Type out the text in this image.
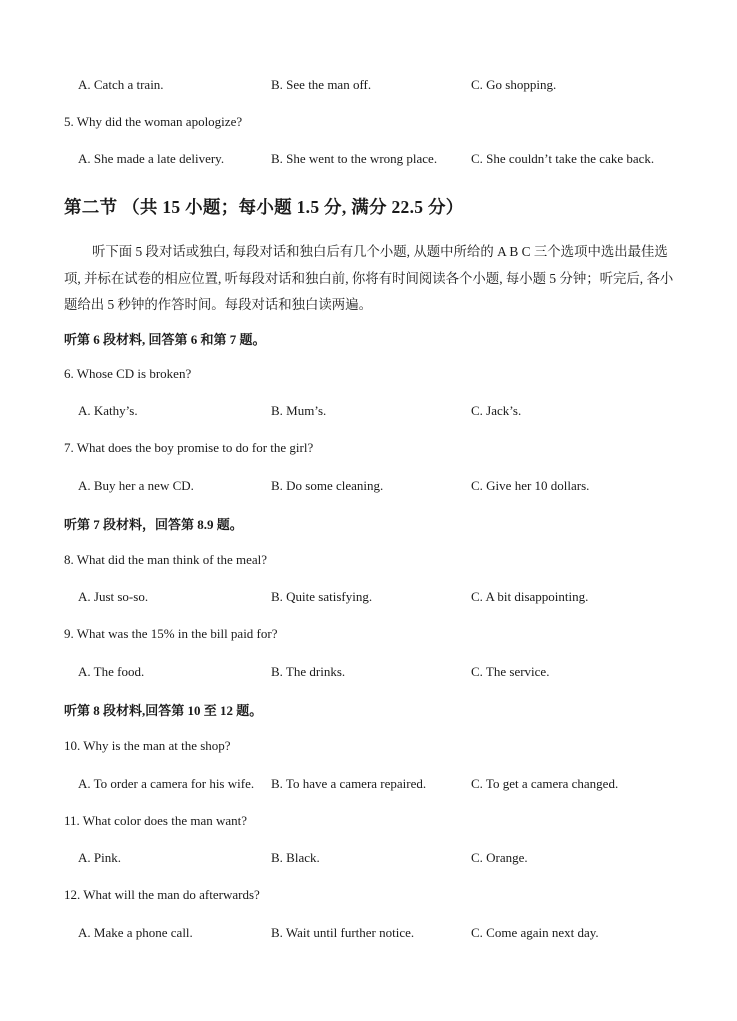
A. Catch a train.	B. See the man off.	C. Go shopping.
5. Why did the woman apologize?
A. She made a late delivery.	B. She went to the wrong place.	C. She couldn’t take the cake back.
第二节 （共 15 小题；每小题 1.5 分, 满分 22.5 分）
听下面 5 段对话或独白, 每段对话和独白后有几个小题, 从题中所给的 A B C 三个选项中选出最佳选项, 并标在试卷的相应位置, 听每段对话和独白前, 你将有时间阅读各个小题, 每小题 5 分钟；听完后, 各小题给出 5 秒钟的作答时间。每段对话和独白读两遍。
听第 6 段材料, 回答第 6 和第 7 题。
6. Whose CD is broken?
A. Kathy’s.	B. Mum’s.	C. Jack’s.
7. What does the boy promise to do for the girl?
A. Buy her a new CD.	B. Do some cleaning.	C. Give her 10 dollars.
听第 7 段材料，回答第 8.9 题。
8. What did the man think of the meal?
A. Just so-so.	B. Quite satisfying.	C. A bit disappointing.
9. What was the 15% in the bill paid for?
A. The food.	B. The drinks.	C. The service.
听第 8 段材料,回答第 10 至 12 题。
10. Why is the man at the shop?
A. To order a camera for his wife. B. To have a camera repaired.	C. To get a camera changed.
11. What color does the man want?
A. Pink.	B. Black.	C. Orange.
12. What will the man do afterwards?
A. Make a phone call.	B. Wait until further notice.	C. Come again next day.
